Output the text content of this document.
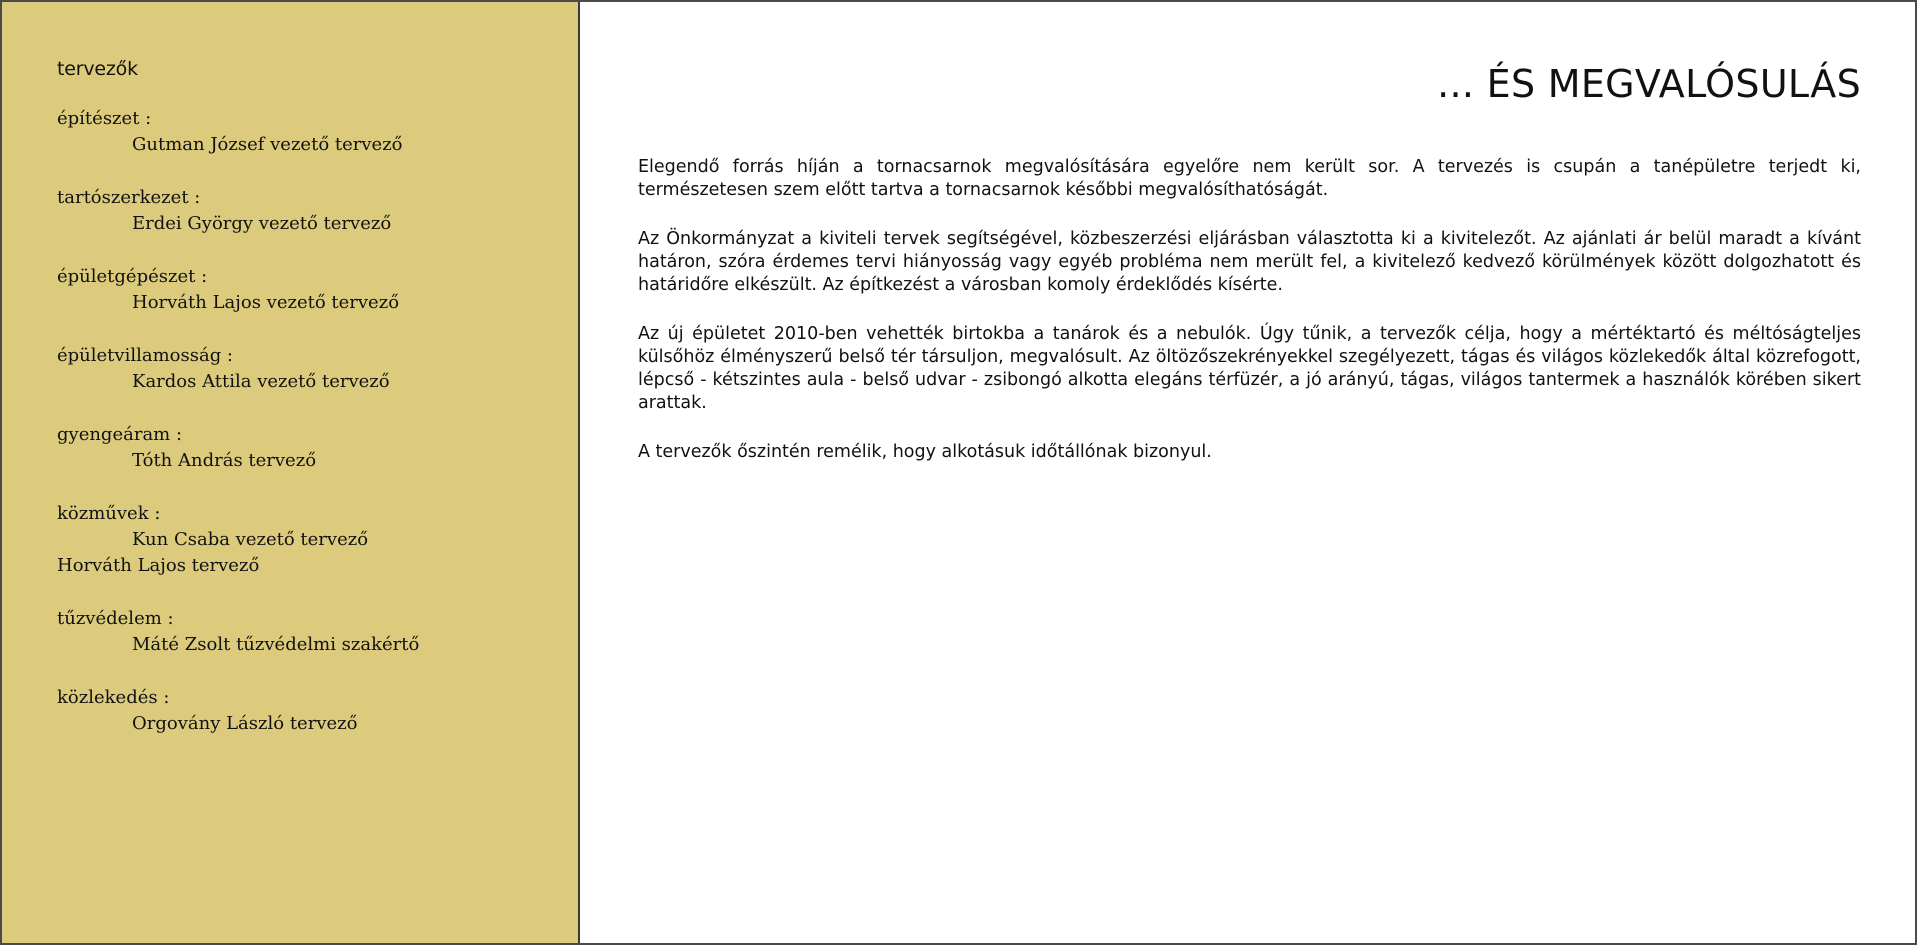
tervezők
építészet :
Gutman József vezető tervező
tartószerkezet :
Erdei György vezető tervező
épületgépészet :
Horváth Lajos vezető tervező
épületvillamosság :
Kardos Attila vezető tervező
gyengeáram :
Tóth András tervező
közművek :
Kun Csaba vezető tervező
Horváth Lajos tervező
tűzvédelem :
Máté Zsolt tűzvédelmi szakértő
közlekedés :
Orgovány László tervező
... ÉS MEGVALÓSULÁS

Elegendő forrás híján a tornacsarnok megvalósítására egyelőre nem került sor. A tervezés is csupán a tanépületre terjedt ki, természetesen szem előtt tartva a tornacsarnok későbbi megvalósíthatóságát.

Az Önkormányzat a kiviteli tervek segítségével, közbeszerzési eljárásban választotta ki a kivitelezőt. Az ajánlati ár belül maradt a kívánt határon, szóra érdemes tervi hiányosság vagy egyéb probléma nem merült fel, a kivitelező kedvező körülmények között dolgozhatott és határidőre elkészült. Az építkezést a városban komoly érdeklődés kísérte.

Az új épületet 2010-ben vehették birtokba a tanárok és a nebulók. Úgy tűnik, a tervezők célja, hogy a mértéktartó és méltóságteljes külsőhöz élményszerű belső tér társuljon, megvalósult. Az öltözőszekrényekkel szegélyezett, tágas és világos közlekedők által közrefogott, lépcső - kétszintes aula - belső udvar - zsibongó alkotta elegáns térfüzér, a jó arányú, tágas, világos tantermek a használók körében sikert arattak.

A tervezők őszintén remélik, hogy alkotásuk időtállónak bizonyul.
